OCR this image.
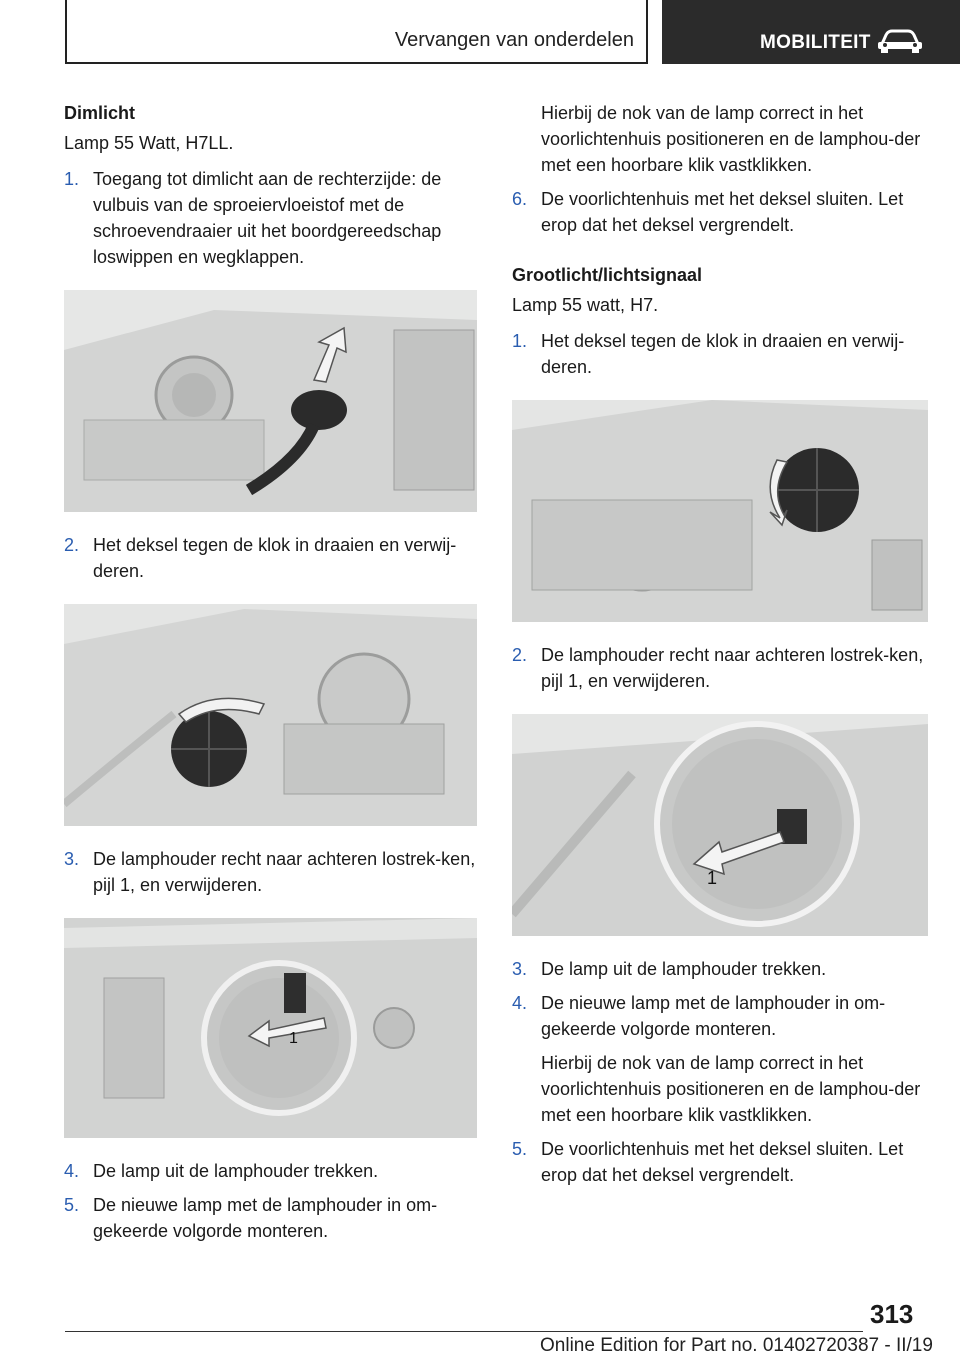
Vervangen van onderdelen	MOBILITEIT
Dimlicht
Lamp 55 Watt, H7LL.
1. Toegang tot dimlicht aan de rechterzijde: de vulbuis van de sproeiervloeistof met de schroevendraaier uit het boordgereedschap loswippen en wegklappen.
2. Het deksel tegen de klok in draaien en verwij‐deren.
3. De lamphouder recht naar achteren lostrek‐ken, pijl 1, en verwijderen.
1
4. De lamp uit de lamphouder trekken.
5. De nieuwe lamp met de lamphouder in om‐gekeerde volgorde monteren.
Hierbij de nok van de lamp correct in het voorlichtenhuis positioneren en de lamphou‐der met een hoorbare klik vastklikken.
6. De voorlichtenhuis met het deksel sluiten. Let erop dat het deksel vergrendelt.
Grootlicht/lichtsignaal
Lamp 55 watt, H7.
1. Het deksel tegen de klok in draaien en verwij‐deren.
2. De lamphouder recht naar achteren lostrek‐ken, pijl 1, en verwijderen.
1
3. De lamp uit de lamphouder trekken.
4. De nieuwe lamp met de lamphouder in om‐gekeerde volgorde monteren.
Hierbij de nok van de lamp correct in het voorlichtenhuis positioneren en de lamphou‐der met een hoorbare klik vastklikken.
5. De voorlichtenhuis met het deksel sluiten. Let erop dat het deksel vergrendelt.
313
Online Edition for Part no. 01402720387 - II/19
